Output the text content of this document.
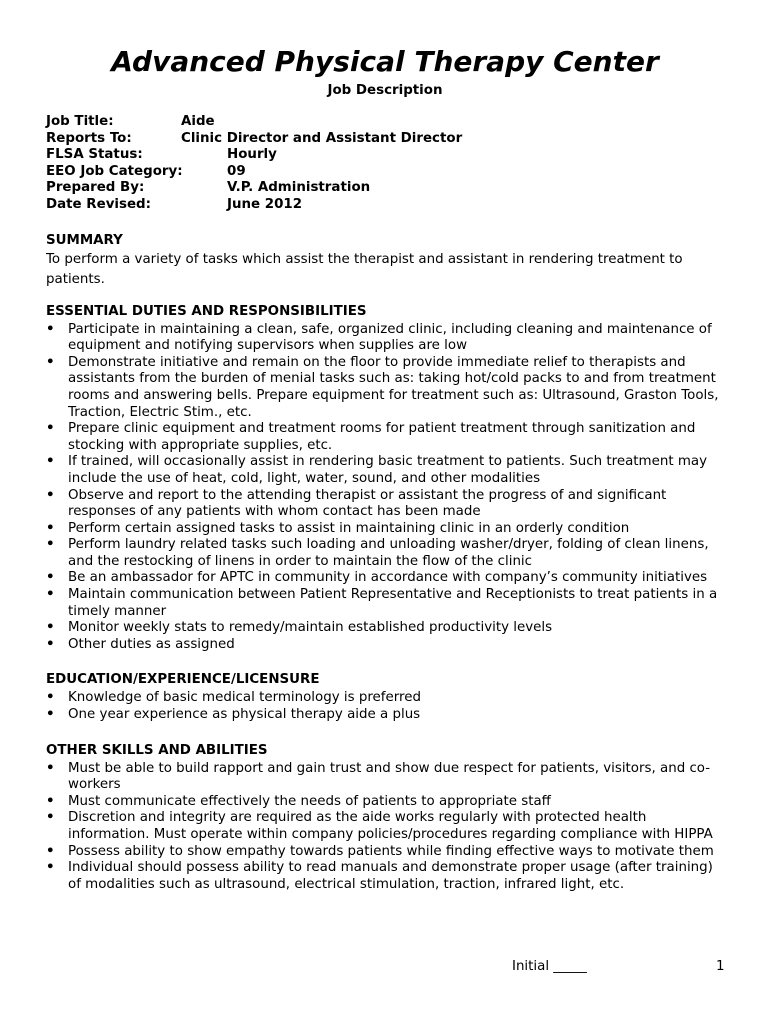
Advanced Physical Therapy Center
Job Description
Job Title:	Aide
Reports To:	Clinic Director and Assistant Director
FLSA Status:	Hourly
EEO Job Category:	09
Prepared By:	V.P. Administration
Date Revised:	June 2012
SUMMARY
To perform a variety of tasks which assist the therapist and assistant in rendering treatment to patients.
ESSENTIAL DUTIES AND RESPONSIBILITIES
• Participate in maintaining a clean, safe, organized clinic, including cleaning and maintenance of equipment and notifying supervisors when supplies are low
• Demonstrate initiative and remain on the floor to provide immediate relief to therapists and assistants from the burden of menial tasks such as: taking hot/cold packs to and from treatment rooms and answering bells. Prepare equipment for treatment such as: Ultrasound, Graston Tools, Traction, Electric Stim., etc.
• Prepare clinic equipment and treatment rooms for patient treatment through sanitization and stocking with appropriate supplies, etc.
• If trained, will occasionally assist in rendering basic treatment to patients. Such treatment may include the use of heat, cold, light, water, sound, and other modalities
• Observe and report to the attending therapist or assistant the progress of and significant responses of any patients with whom contact has been made
• Perform certain assigned tasks to assist in maintaining clinic in an orderly condition
• Perform laundry related tasks such loading and unloading washer/dryer, folding of clean linens, and the restocking of linens in order to maintain the flow of the clinic
• Be an ambassador for APTC in community in accordance with company’s community initiatives
• Maintain communication between Patient Representative and Receptionists to treat patients in a timely manner
• Monitor weekly stats to remedy/maintain established productivity levels
• Other duties as assigned
EDUCATION/EXPERIENCE/LICENSURE
• Knowledge of basic medical terminology is preferred
• One year experience as physical therapy aide a plus
OTHER SKILLS AND ABILITIES
• Must be able to build rapport and gain trust and show due respect for patients, visitors, and co-workers
• Must communicate effectively the needs of patients to appropriate staff
• Discretion and integrity are required as the aide works regularly with protected health information. Must operate within company policies/procedures regarding compliance with HIPPA
• Possess ability to show empathy towards patients while finding effective ways to motivate them
• Individual should possess ability to read manuals and demonstrate proper usage (after training) of modalities such as ultrasound, electrical stimulation, traction, infrared light, etc.
Initial _____	1
